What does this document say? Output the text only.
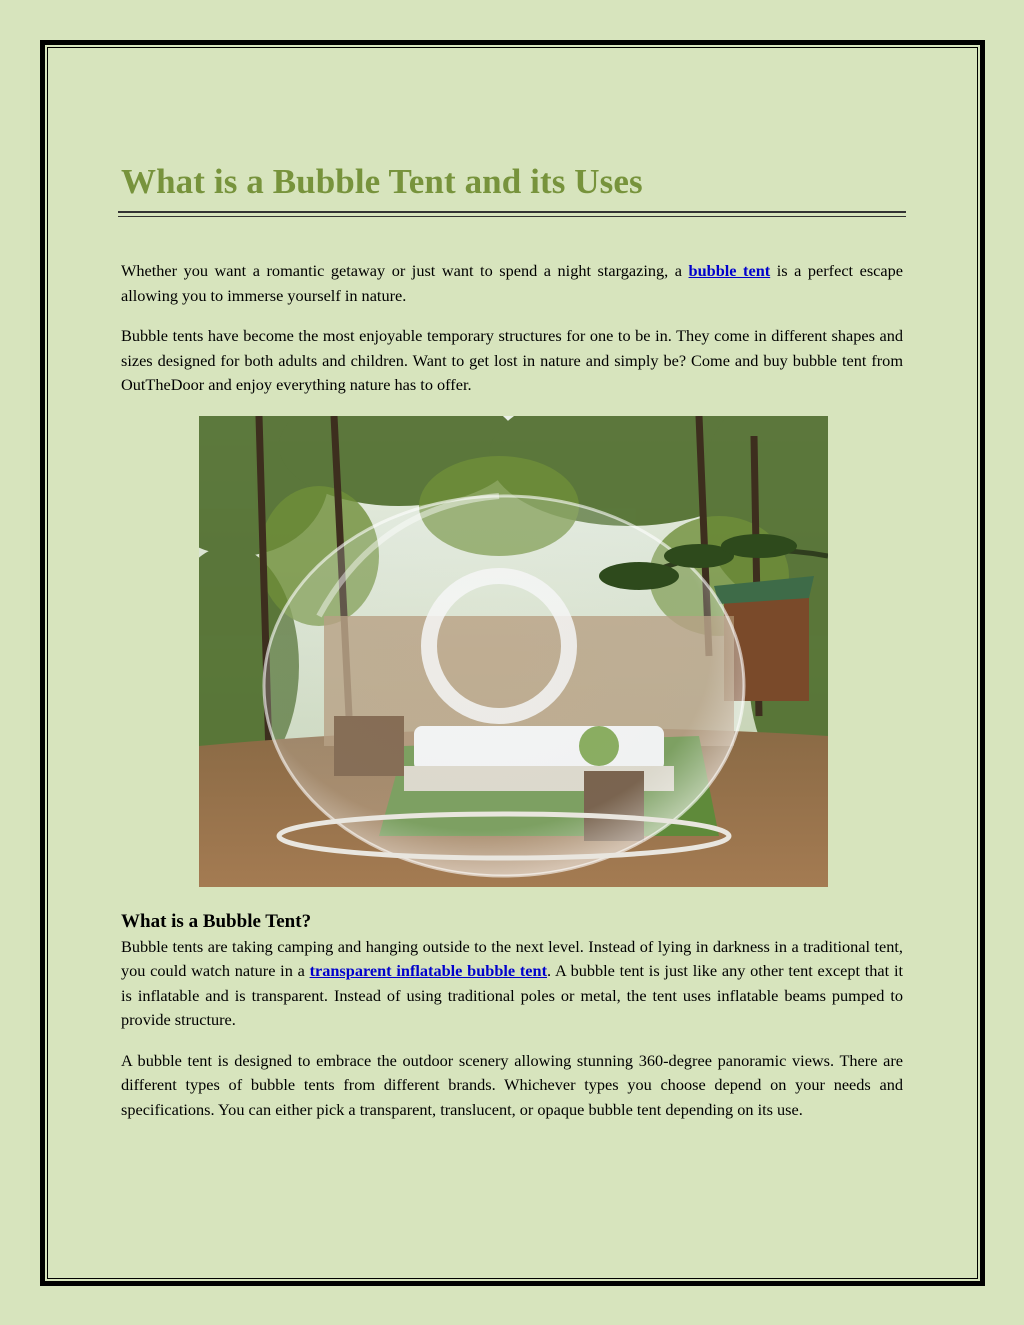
What is a Bubble Tent and its Uses

Whether you want a romantic getaway or just want to spend a night stargazing, a bubble tent is a perfect escape allowing you to immerse yourself in nature.

Bubble tents have become the most enjoyable temporary structures for one to be in. They come in different shapes and sizes designed for both adults and children. Want to get lost in nature and simply be? Come and buy bubble tent from OutTheDoor and enjoy everything nature has to offer.

What is a Bubble Tent?

Bubble tents are taking camping and hanging outside to the next level. Instead of lying in darkness in a traditional tent, you could watch nature in a transparent inflatable bubble tent. A bubble tent is just like any other tent except that it is inflatable and is transparent. Instead of using traditional poles or metal, the tent uses inflatable beams pumped to provide structure.

A bubble tent is designed to embrace the outdoor scenery allowing stunning 360-degree panoramic views. There are different types of bubble tents from different brands. Whichever types you choose depend on your needs and specifications. You can either pick a transparent, translucent, or opaque bubble tent depending on its use.
